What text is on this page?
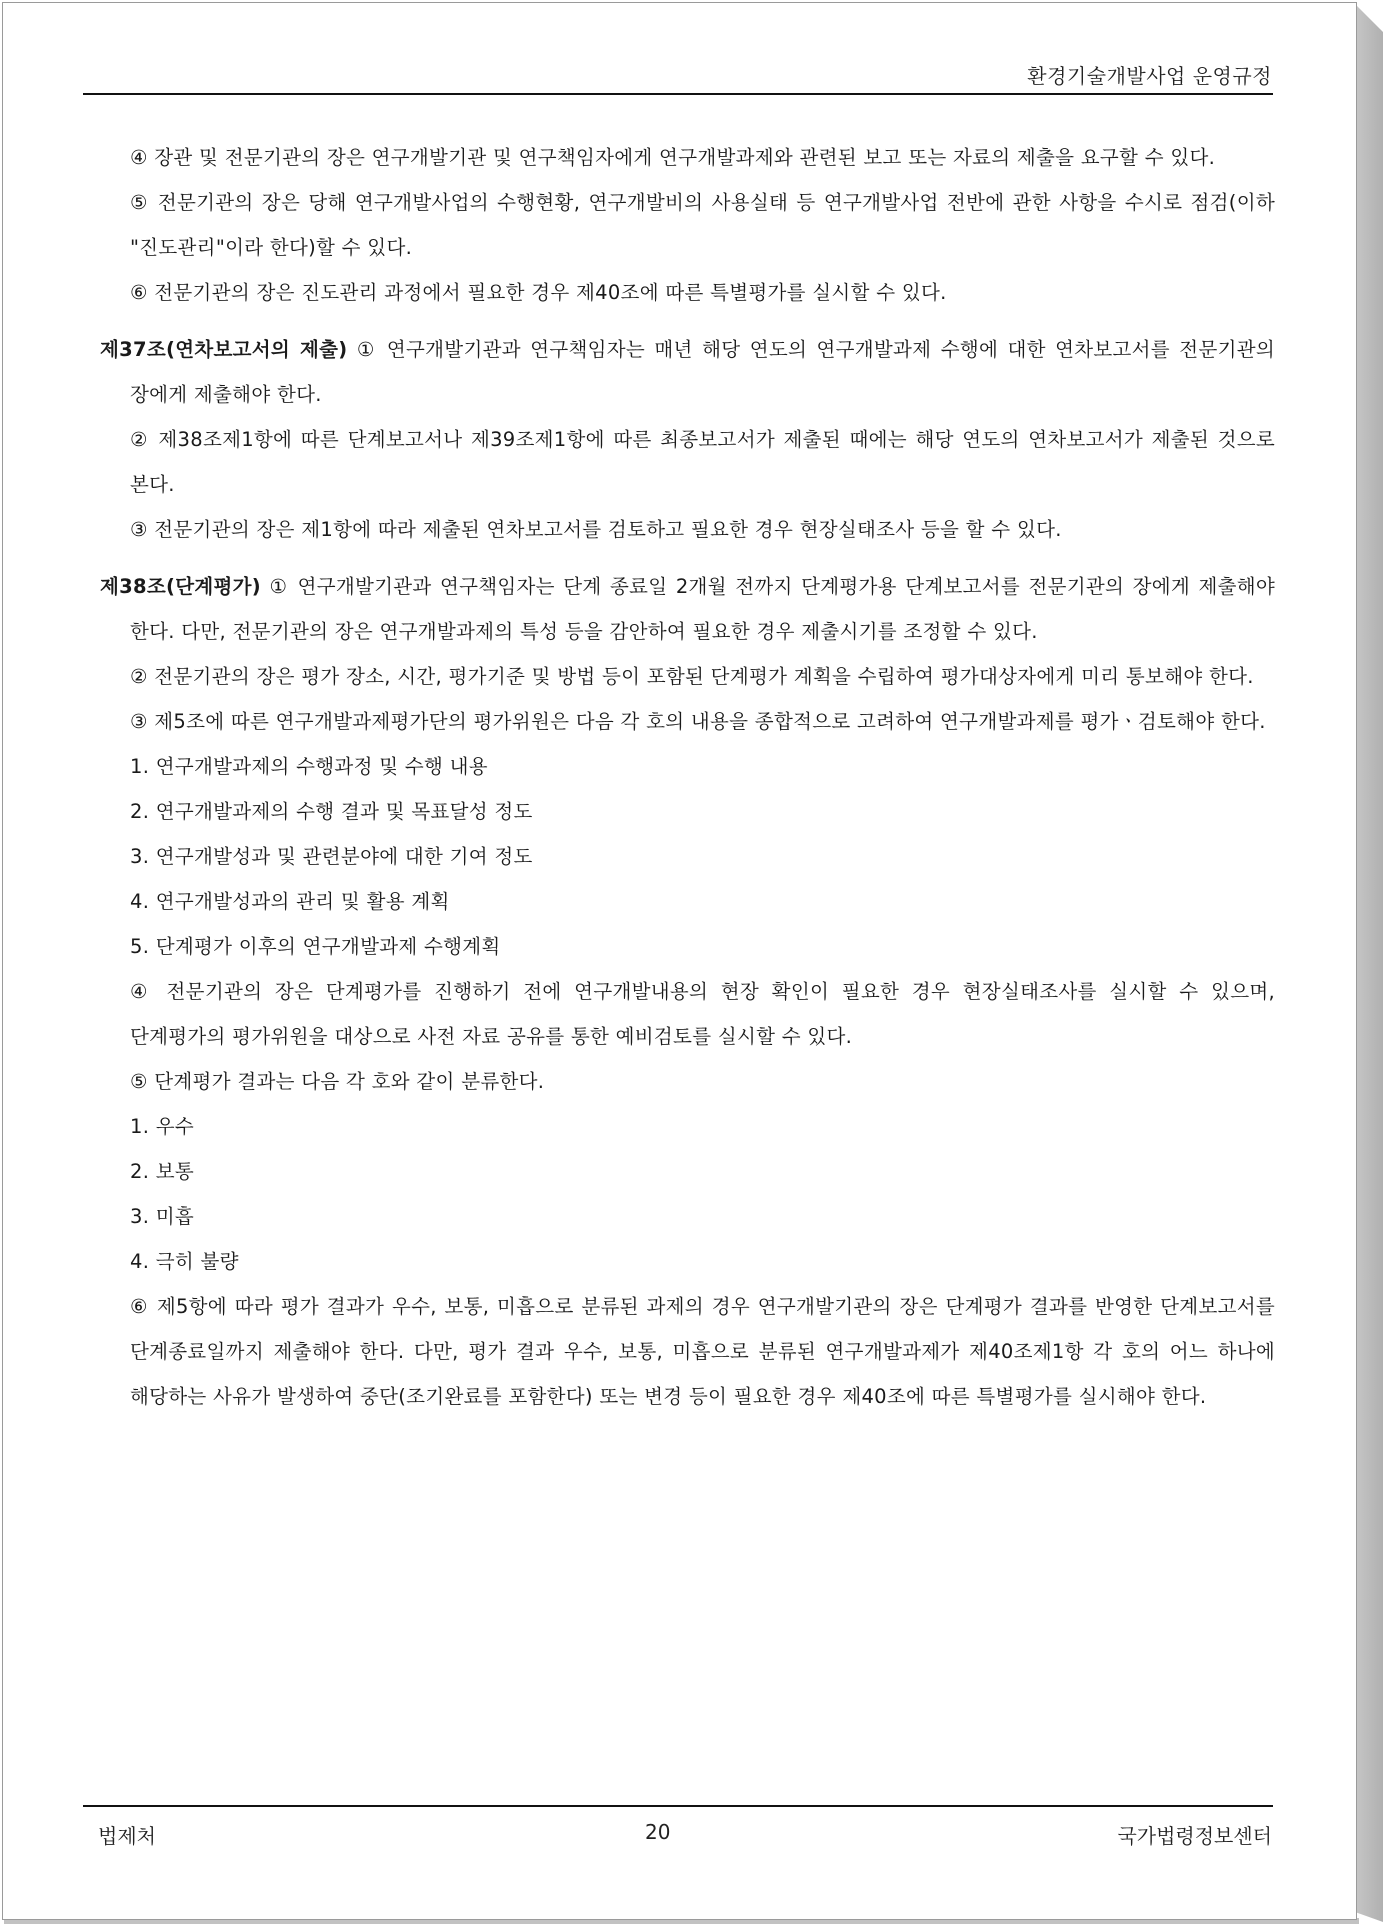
환경기술개발사업 운영규정

④ 장관 및 전문기관의 장은 연구개발기관 및 연구책임자에게 연구개발과제와 관련된 보고 또는 자료의 제출을 요구할 수 있다.

⑤ 전문기관의 장은 당해 연구개발사업의 수행현황, 연구개발비의 사용실태 등 연구개발사업 전반에 관한 사항을 수시로 점검(이하 "진도관리"이라 한다)할 수 있다.

⑥ 전문기관의 장은 진도관리 과정에서 필요한 경우 제40조에 따른 특별평가를 실시할 수 있다.

제37조(연차보고서의 제출) ① 연구개발기관과 연구책임자는 매년 해당 연도의 연구개발과제 수행에 대한 연차보고서를 전문기관의 장에게 제출해야 한다.

② 제38조제1항에 따른 단계보고서나 제39조제1항에 따른 최종보고서가 제출된 때에는 해당 연도의 연차보고서가 제출된 것으로 본다.

③ 전문기관의 장은 제1항에 따라 제출된 연차보고서를 검토하고 필요한 경우 현장실태조사 등을 할 수 있다.

제38조(단계평가) ① 연구개발기관과 연구책임자는 단계 종료일 2개월 전까지 단계평가용 단계보고서를 전문기관의 장에게 제출해야 한다. 다만, 전문기관의 장은 연구개발과제의 특성 등을 감안하여 필요한 경우 제출시기를 조정할 수 있다.

② 전문기관의 장은 평가 장소, 시간, 평가기준 및 방법 등이 포함된 단계평가 계획을 수립하여 평가대상자에게 미리 통보해야 한다.

③ 제5조에 따른 연구개발과제평가단의 평가위원은 다음 각 호의 내용을 종합적으로 고려하여 연구개발과제를 평가ㆍ검토해야 한다.

1. 연구개발과제의 수행과정 및 수행 내용

2. 연구개발과제의 수행 결과 및 목표달성 정도

3. 연구개발성과 및 관련분야에 대한 기여 정도

4. 연구개발성과의 관리 및 활용 계획

5. 단계평가 이후의 연구개발과제 수행계획

④ 전문기관의 장은 단계평가를 진행하기 전에 연구개발내용의 현장 확인이 필요한 경우 현장실태조사를 실시할 수 있으며, 단계평가의 평가위원을 대상으로 사전 자료 공유를 통한 예비검토를 실시할 수 있다.

⑤ 단계평가 결과는 다음 각 호와 같이 분류한다.

1. 우수

2. 보통

3. 미흡

4. 극히 불량

⑥ 제5항에 따라 평가 결과가 우수, 보통, 미흡으로 분류된 과제의 경우 연구개발기관의 장은 단계평가 결과를 반영한 단계보고서를 단계종료일까지 제출해야 한다. 다만, 평가 결과 우수, 보통, 미흡으로 분류된 연구개발과제가 제40조제1항 각 호의 어느 하나에 해당하는 사유가 발생하여 중단(조기완료를 포함한다) 또는 변경 등이 필요한 경우 제40조에 따른 특별평가를 실시해야 한다.

법제처	20	국가법령정보센터
